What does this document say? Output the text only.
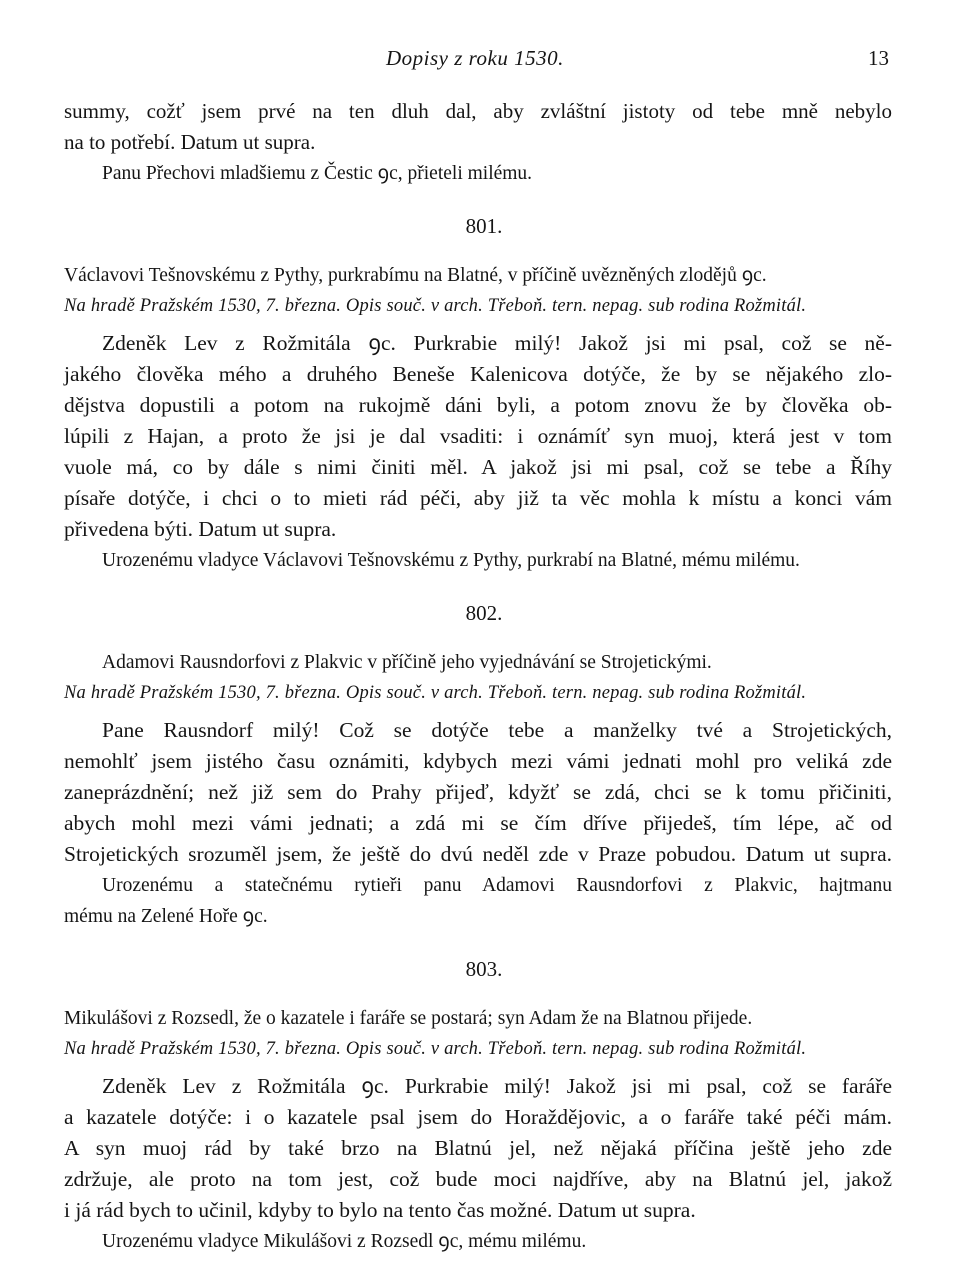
Dopisy z roku 1530.	13
summy, cožť jsem prvé na ten dluh dal, aby zvláštní jistoty od tebe mně nebylo
na to potřebí. Datum ut supra.
Panu Přechovi mladšiemu z Čestic ꝯc, přieteli milému.
801.
Václavovi Tešnovskému z Pythy, purkrabímu na Blatné, v příčině uvězněných zlodějů ꝯc.
Na hradě Pražském 1530, 7. března. Opis souč. v arch. Třeboň. tern. nepag. sub rodina Rožmitál.
Zdeněk Lev z Rožmitála ꝯc. Purkrabie milý! Jakož jsi mi psal, což se ně-
jakého člověka mého a druhého Beneše Kalenicova dotýče, že by se nějakého zlo-
dějstva dopustili a potom na rukojmě dáni byli, a potom znovu že by člověka ob-
lúpili z Hajan, a proto že jsi je dal vsaditi: i oznámíť syn muoj, která jest v tom
vuole má, co by dále s nimi činiti měl. A jakož jsi mi psal, což se tebe a Říhy
písaře dotýče, i chci o to mieti rád péči, aby již ta věc mohla k místu a konci vám
přivedena býti. Datum ut supra.
Urozenému vladyce Václavovi Tešnovskému z Pythy, purkrabí na Blatné, mému milému.
802.
Adamovi Rausndorfovi z Plakvic v příčině jeho vyjednávání se Strojetickými.
Na hradě Pražském 1530, 7. března. Opis souč. v arch. Třeboň. tern. nepag. sub rodina Rožmitál.
Pane Rausndorf milý! Což se dotýče tebe a manželky tvé a Strojetických,
nemohlť jsem jistého času oznámiti, kdybych mezi vámi jednati mohl pro veliká zde
zaneprázdnění; než již sem do Prahy přijeď, kdyžť se zdá, chci se k tomu přičiniti,
abych mohl mezi vámi jednati; a zdá mi se čím dříve přijedeš, tím lépe, ač od
Strojetických srozuměl jsem, že ještě do dvú neděl zde v Praze pobudou. Datum ut supra.
Urozenému a statečnému rytieři panu Adamovi Rausndorfovi z Plakvic, hajtmanu
mému na Zelené Hoře ꝯc.
803.
Mikulášovi z Rozsedl, že o kazatele i faráře se postará; syn Adam že na Blatnou přijede.
Na hradě Pražském 1530, 7. března. Opis souč. v arch. Třeboň. tern. nepag. sub rodina Rožmitál.
Zdeněk Lev z Rožmitála ꝯc. Purkrabie milý! Jakož jsi mi psal, což se faráře
a kazatele dotýče: i o kazatele psal jsem do Horažděјovic, a o faráře také péči mám.
A syn muoj rád by také brzo na Blatnú jel, než nějaká příčina ještě jeho zde
zdržuje, ale proto na tom jest, což bude moci najdříve, aby na Blatnú jel, jakož
i já rád bych to učinil, kdyby to bylo na tento čas možné. Datum ut supra.
Urozenému vladyce Mikulášovi z Rozsedl ꝯc, mému milému.
